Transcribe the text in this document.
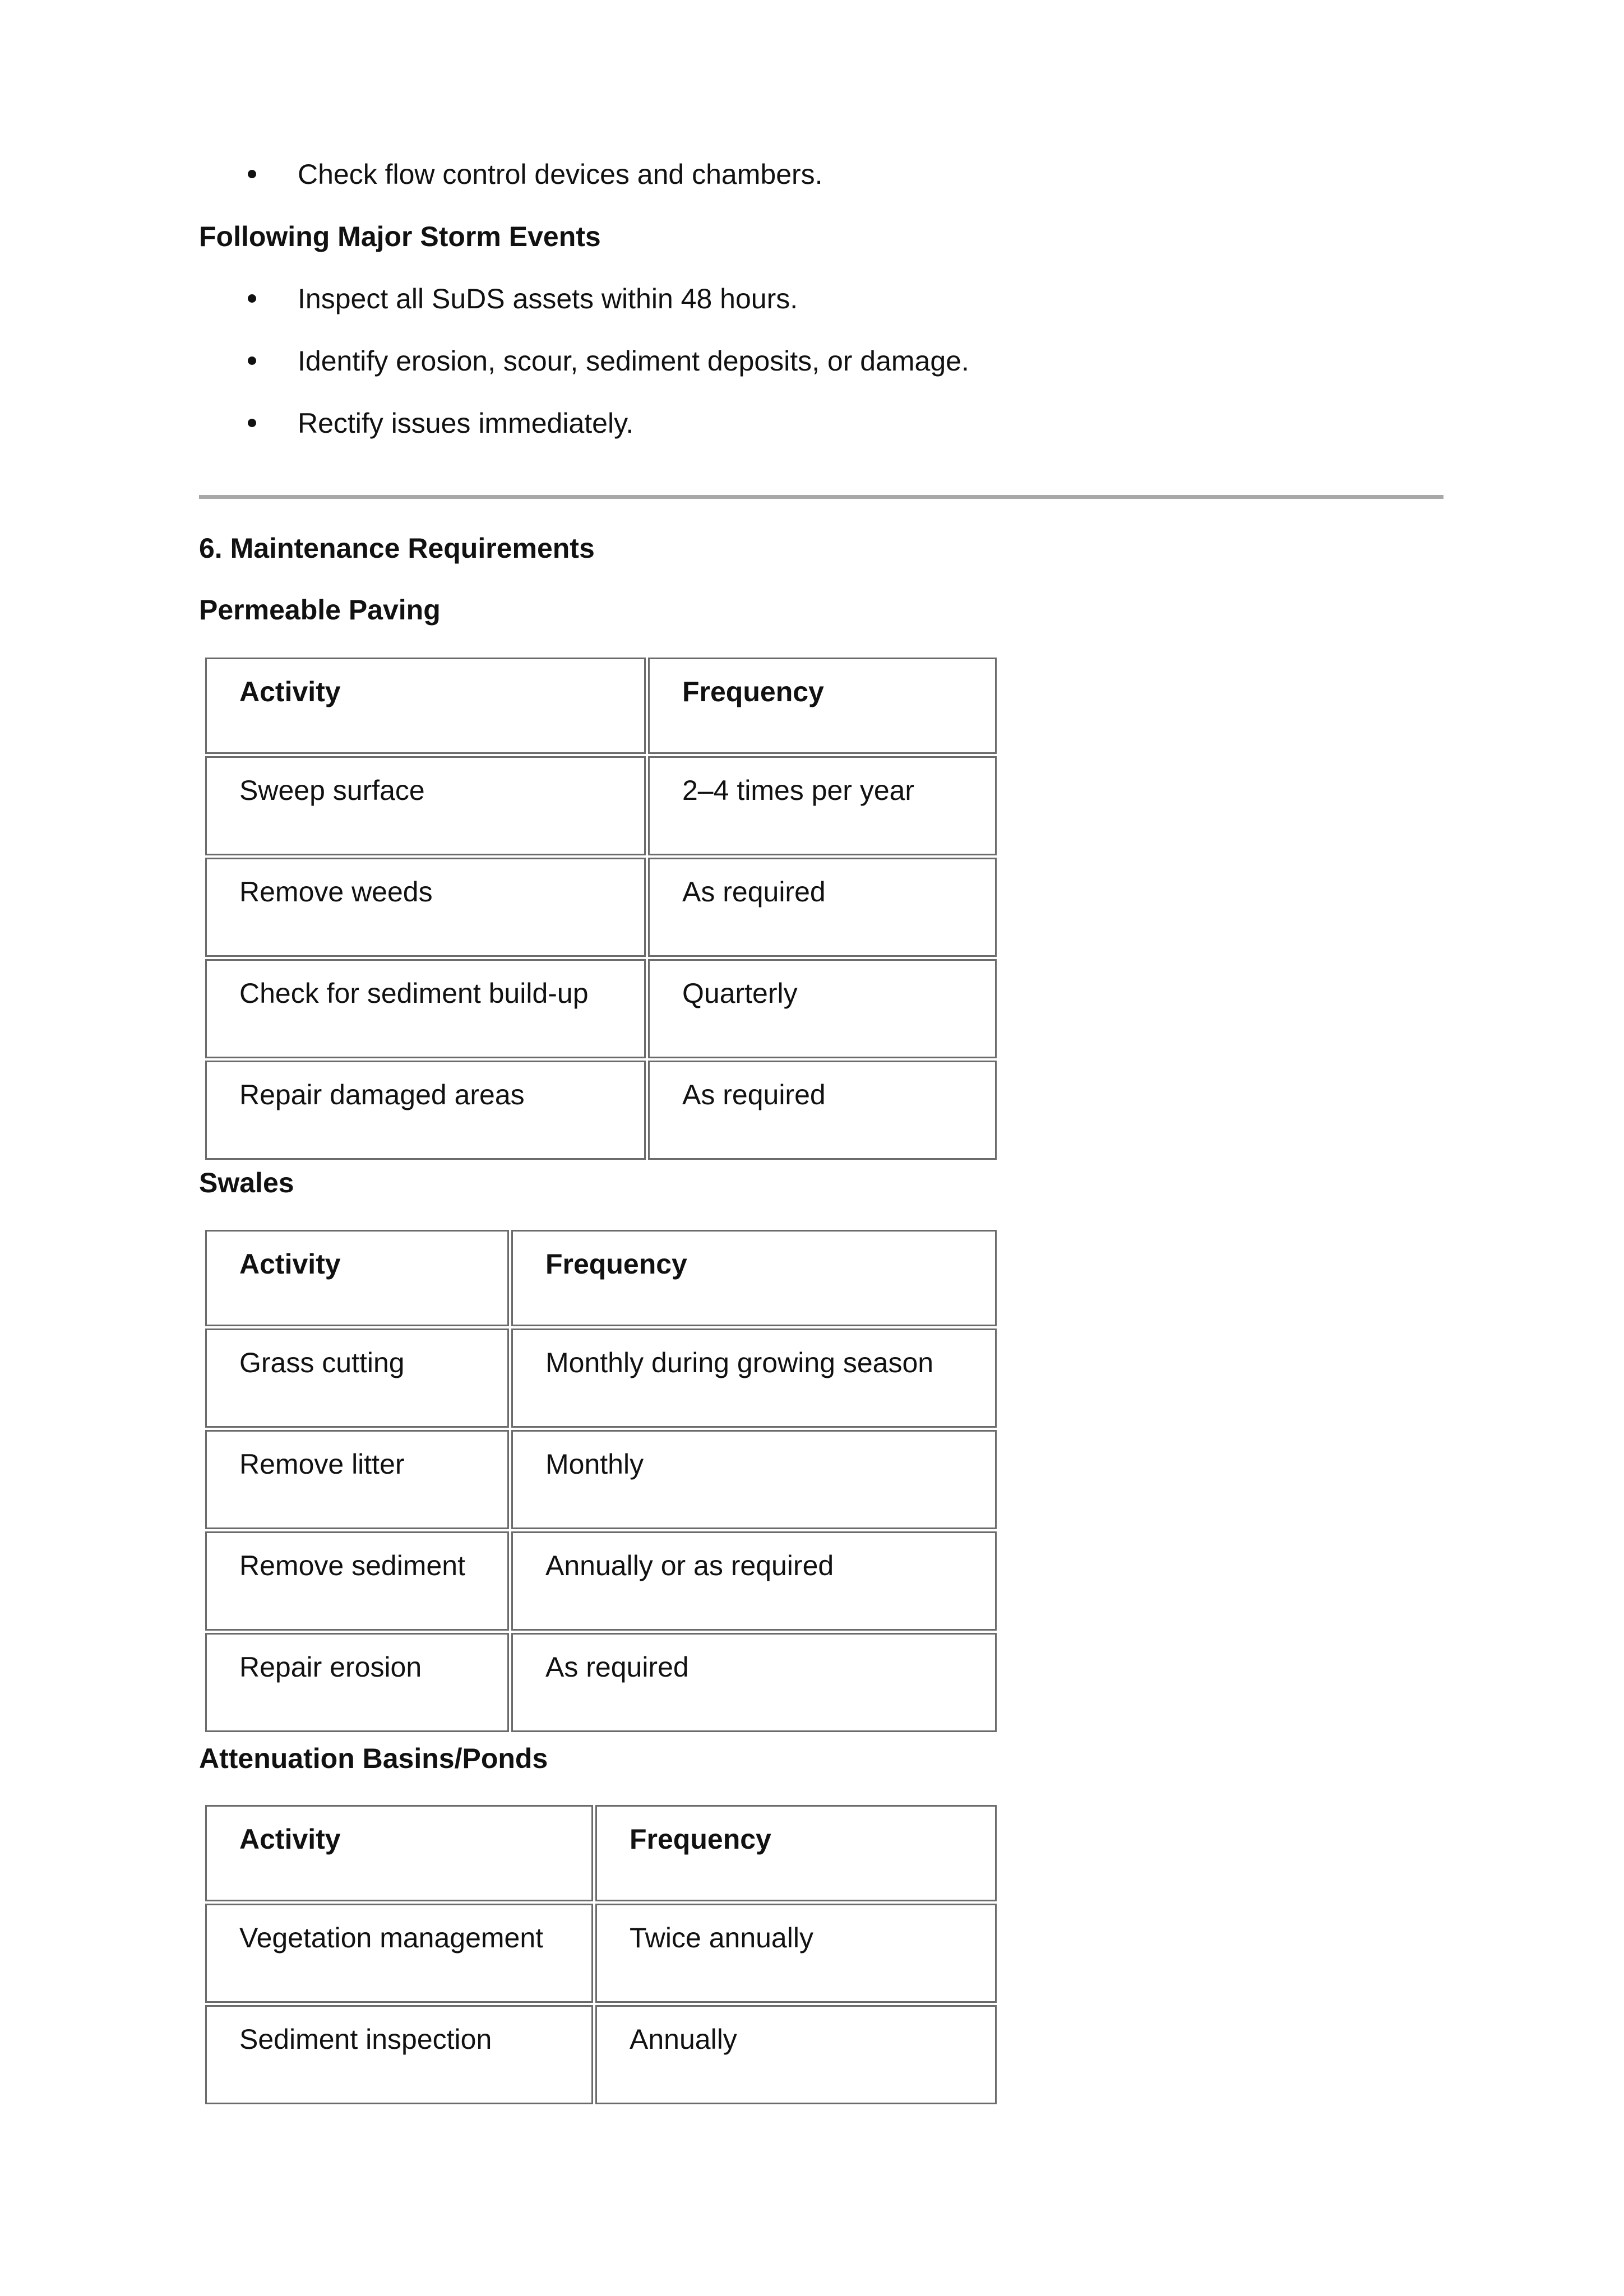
Check flow control devices and chambers.
Following Major Storm Events
Inspect all SuDS assets within 48 hours.
Identify erosion, scour, sediment deposits, or damage.
Rectify issues immediately.
6. Maintenance Requirements
Permeable Paving
Activity	Frequency

Sweep surface	2–4 times per year

Remove weeds	As required

Check for sediment build-up	Quarterly

Repair damaged areas	As required
Swales
Activity	Frequency

Grass cutting	Monthly during growing season

Remove litter	Monthly

Remove sediment	Annually or as required

Repair erosion	As required
Attenuation Basins/Ponds
Activity	Frequency

Vegetation management	Twice annually

Sediment inspection	Annually
